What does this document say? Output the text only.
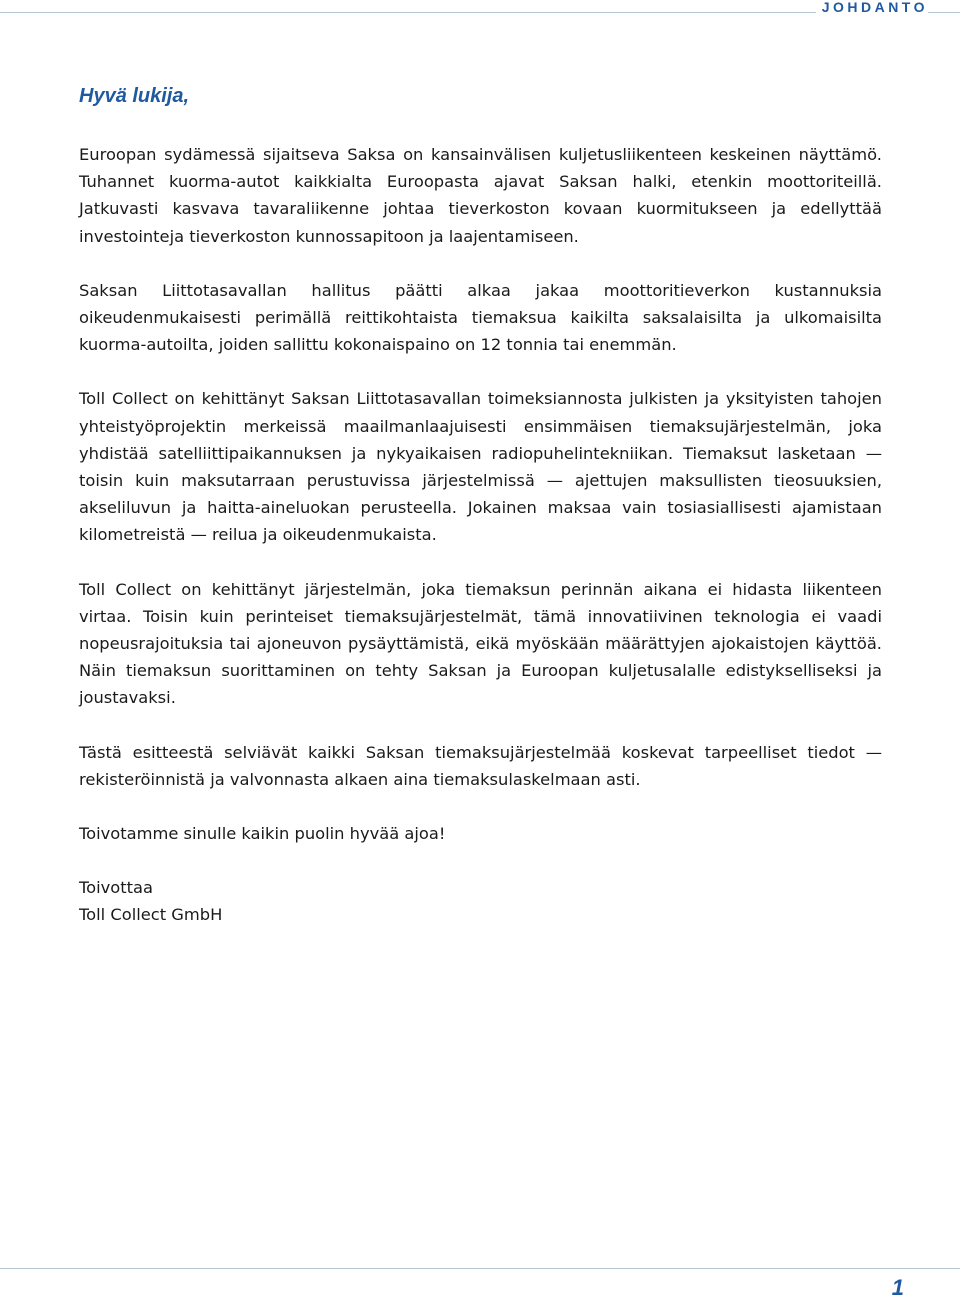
JOHDANTO
Hyvä lukija,

Euroopan sydämessä sijaitseva Saksa on kansainvälisen kuljetusliikenteen keskeinen näyttämö. Tuhannet kuorma-autot kaikkialta Euroopasta ajavat Saksan halki, etenkin moottoriteillä. Jatkuvasti kasvava tavaraliikenne johtaa tieverkoston kovaan kuormitukseen ja edellyttää investointeja tieverkoston kunnossapitoon ja laajentamiseen.

Saksan Liittotasavallan hallitus päätti alkaa jakaa moottoritieverkon kustannuksia oikeudenmukaisesti perimällä reittikohtaista tiemaksua kaikilta saksalaisilta ja ulkomaisilta kuorma-autoilta, joiden sallittu kokonaispaino on 12 tonnia tai enemmän.

Toll Collect on kehittänyt Saksan Liittotasavallan toimeksiannosta julkisten ja yksityisten tahojen yhteistyöprojektin merkeissä maailmanlaajuisesti ensimmäisen tiemaksujärjestelmän, joka yhdistää satelliittipaikannuksen ja nykyaikaisen radiopuhelintekniikan. Tiemaksut lasketaan — toisin kuin maksutarraan perustuvissa järjestelmissä — ajettujen maksullisten tieosuuksien, akseliluvun ja haitta-aineluokan perusteella. Jokainen maksaa vain tosiasiallisesti ajamistaan kilometreistä — reilua ja oikeudenmukaista.

Toll Collect on kehittänyt järjestelmän, joka tiemaksun perinnän aikana ei hidasta liikenteen virtaa. Toisin kuin perinteiset tiemaksujärjestelmät, tämä innovatiivinen teknologia ei vaadi nopeusrajoituksia tai ajoneuvon pysäyttämistä, eikä myöskään määrättyjen ajokaistojen käyttöä. Näin tiemaksun suorittaminen on tehty Saksan ja Euroopan kuljetusalalle edistykselliseksi ja joustavaksi.

Tästä esitteestä selviävät kaikki Saksan tiemaksujärjestelmää koskevat tarpeelliset tiedot — rekisteröinnistä ja valvonnasta alkaen aina tiemaksulaskelmaan asti.

Toivotamme sinulle kaikin puolin hyvää ajoa!

Toivottaa

Toll Collect GmbH

1
